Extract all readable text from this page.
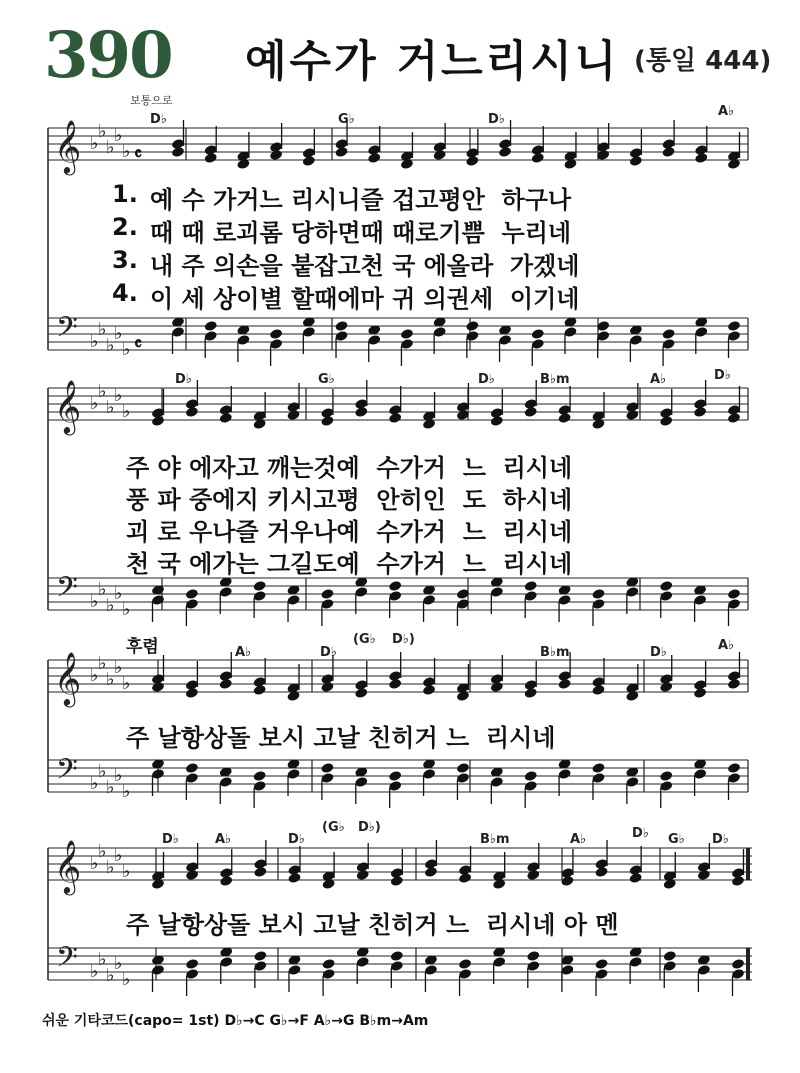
390 예수가 거느리시니 (통일 444)
보통으로
𝄞
𝄢
♭
♭
♭
♭
♭
♭
♭
♭
♭
♭
𝄴
𝄴
𝄞
𝄢
♭
♭
♭
♭
♭
♭
♭
♭
♭
♭
𝄞
𝄢
♭
♭
♭
♭
♭
♭
♭
♭
♭
♭
𝄞
𝄢
♭
♭
♭
♭
♭
♭
♭
♭
♭
♭
D♭	G♭	D♭
A♭
D♭	G♭	D♭	B♭m	A♭	D♭
후렴	A♭	D♭
(G♭ D♭)
B♭m	D♭	A♭
D♭	A♭	D♭
(G♭ D♭)
B♭m	A♭	D♭ G♭ D♭
1. 예 수 가거느 리시니즐 겁고평안  하구나
2. 때 때 로괴롬 당하면때 때로기쁨  누리네
3. 내 주 의손을 붙잡고천 국 에올라  가겠네
4. 이 세 상이별 할때에마 귀 의권세  이기네
주 야 에자고 깨는것예  수가거  느  리시네
풍 파 중에지 키시고평  안히인  도  하시네
괴 로 우나즐 거우나예  수가거  느  리시네
천 국 에가는 그길도예  수가거  느  리시네
주 날항상돌 보시 고날 친히거 느  리시네
주 날항상돌 보시 고날 친히거 느  리시네 아 멘
쉬운 기타코드(capo= 1st) D♭→C G♭→F A♭→G B♭m→Am
